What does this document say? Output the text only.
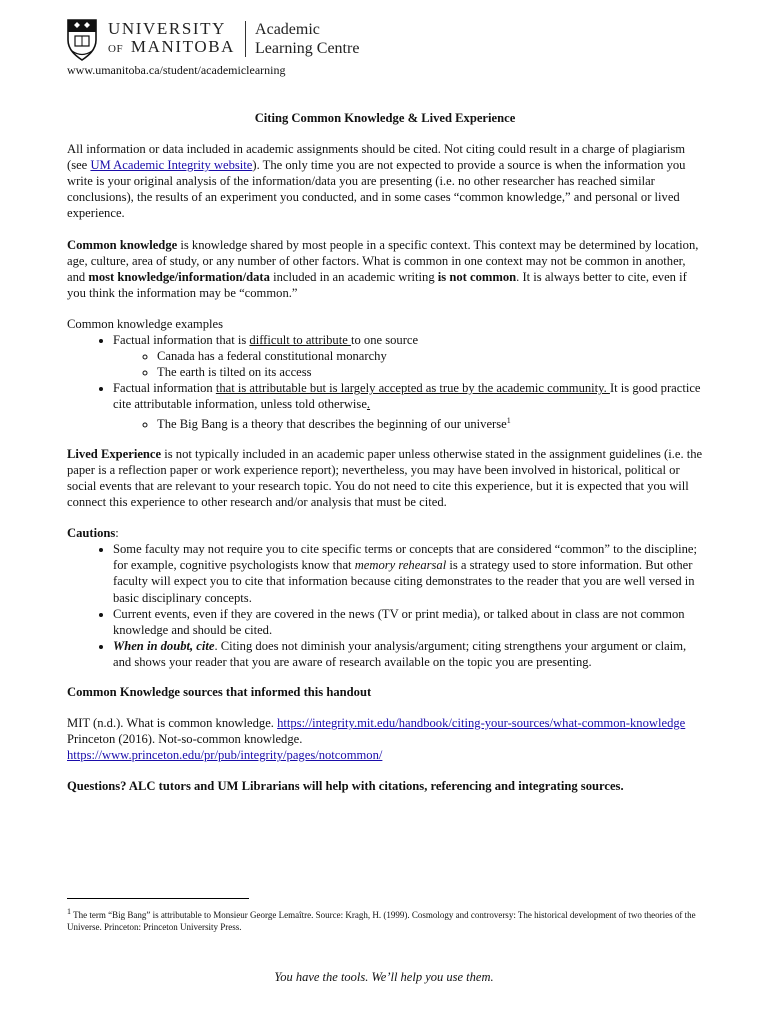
UNIVERSITY
OF MANITOBA
Academic
Learning Centre
www.umanitoba.ca/student/academiclearning
Citing Common Knowledge & Lived Experience

All information or data included in academic assignments should be cited. Not citing could result in a charge of plagiarism (see UM Academic Integrity website). The only time you are not expected to provide a source is when the information you write is your original analysis of the information/data you are presenting (i.e. no other researcher has reached similar conclusions), the results of an experiment you conducted, and in some cases “common knowledge,” and personal or lived experience.

Common knowledge is knowledge shared by most people in a specific context. This context may be determined by location, age, culture, area of study, or any number of other factors. What is common in one context may not be common in another, and most knowledge/information/data included in an academic writing is not common. It is always better to cite, even if you think the information may be “common.”

Common knowledge examples
• Factual information that is difficult to attribute to one source
◦ Canada has a federal constitutional monarchy
◦ The earth is tilted on its access
• Factual information that is attributable but is largely accepted as true by the academic community. It is good practice cite attributable information, unless told otherwise.
◦ The Big Bang is a theory that describes the beginning of our universe$^1$

Lived Experience is not typically included in an academic paper unless otherwise stated in the assignment guidelines (i.e. the paper is a reflection paper or work experience report); nevertheless, you may have been involved in historical, political or social events that are relevant to your research topic. You do not need to cite this experience, but it is expected that you will connect this experience to other research and/or analysis that must be cited.

Cautions:
• Some faculty may not require you to cite specific terms or concepts that are considered “common” to the discipline; for example, cognitive psychologists know that memory rehearsal is a strategy used to store information. But other faculty will expect you to cite that information because citing demonstrates to the reader that you are well versed in basic disciplinary concepts.
• Current events, even if they are covered in the news (TV or print media), or talked about in class are not common knowledge and should be cited.
• When in doubt, cite. Citing does not diminish your analysis/argument; citing strengthens your argument or claim, and shows your reader that you are aware of research available on the topic you are presenting.

Common Knowledge sources that informed this handout

MIT (n.d.). What is common knowledge. https://integrity.mit.edu/handbook/citing-your-sources/what-common-knowledge
Princeton (2016). Not-so-common knowledge.
https://www.princeton.edu/pr/pub/integrity/pages/notcommon/

Questions? ALC tutors and UM Librarians will help with citations, referencing and integrating sources.

$^1$ The term “Big Bang” is attributable to Monsieur George Lemaître. Source: Kragh, H. (1999). Cosmology and controversy: The historical development of two theories of the Universe. Princeton: Princeton University Press.
You have the tools. We’ll help you use them.
